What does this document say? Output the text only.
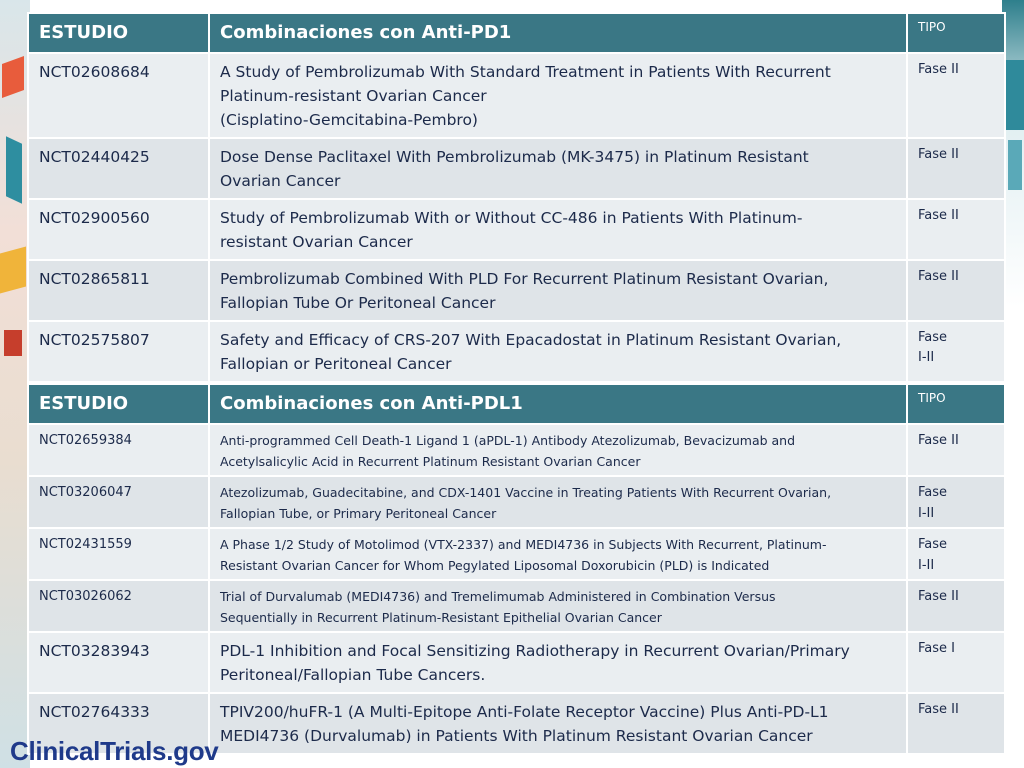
ESTUDIO	Combinaciones con Anti-PD1	TIPO
NCT02608684	A Study of Pembrolizumab With Standard Treatment in Patients With Recurrent
Platinum-resistant Ovarian Cancer
(Cisplatino-Gemcitabina-Pembro)	Fase II
NCT02440425	Dose Dense Paclitaxel With Pembrolizumab (MK-3475) in Platinum Resistant
Ovarian Cancer	Fase II
NCT02900560	Study of Pembrolizumab With or Without CC-486 in Patients With Platinum-
resistant Ovarian Cancer	Fase II
NCT02865811	Pembrolizumab Combined With PLD For Recurrent Platinum Resistant Ovarian,
Fallopian Tube Or Peritoneal Cancer	Fase II
NCT02575807	Safety and Efficacy of CRS-207 With Epacadostat in Platinum Resistant Ovarian,
Fallopian or Peritoneal Cancer	Fase
I-II
ESTUDIO	Combinaciones con Anti-PDL1	TIPO
NCT02659384	Anti-programmed Cell Death-1 Ligand 1 (aPDL-1) Antibody Atezolizumab, Bevacizumab and
Acetylsalicylic Acid in Recurrent Platinum Resistant Ovarian Cancer	Fase II
NCT03206047	Atezolizumab, Guadecitabine, and CDX-1401 Vaccine in Treating Patients With Recurrent Ovarian,
Fallopian Tube, or Primary Peritoneal Cancer	Fase
I-II
NCT02431559	A Phase 1/2 Study of Motolimod (VTX-2337) and MEDI4736 in Subjects With Recurrent, Platinum-
Resistant Ovarian Cancer for Whom Pegylated Liposomal Doxorubicin (PLD) is Indicated	Fase
I-II
NCT03026062	Trial of Durvalumab (MEDI4736) and Tremelimumab Administered in Combination Versus
Sequentially in Recurrent Platinum-Resistant Epithelial Ovarian Cancer	Fase II
NCT03283943	PDL-1 Inhibition and Focal Sensitizing Radiotherapy in Recurrent Ovarian/Primary
Peritoneal/Fallopian Tube Cancers.	Fase I
NCT02764333	TPIV200/huFR-1 (A Multi-Epitope Anti-Folate Receptor Vaccine) Plus Anti-PD-L1
MEDI4736 (Durvalumab) in Patients With Platinum Resistant Ovarian Cancer	Fase II
ClinicalTrials.gov
